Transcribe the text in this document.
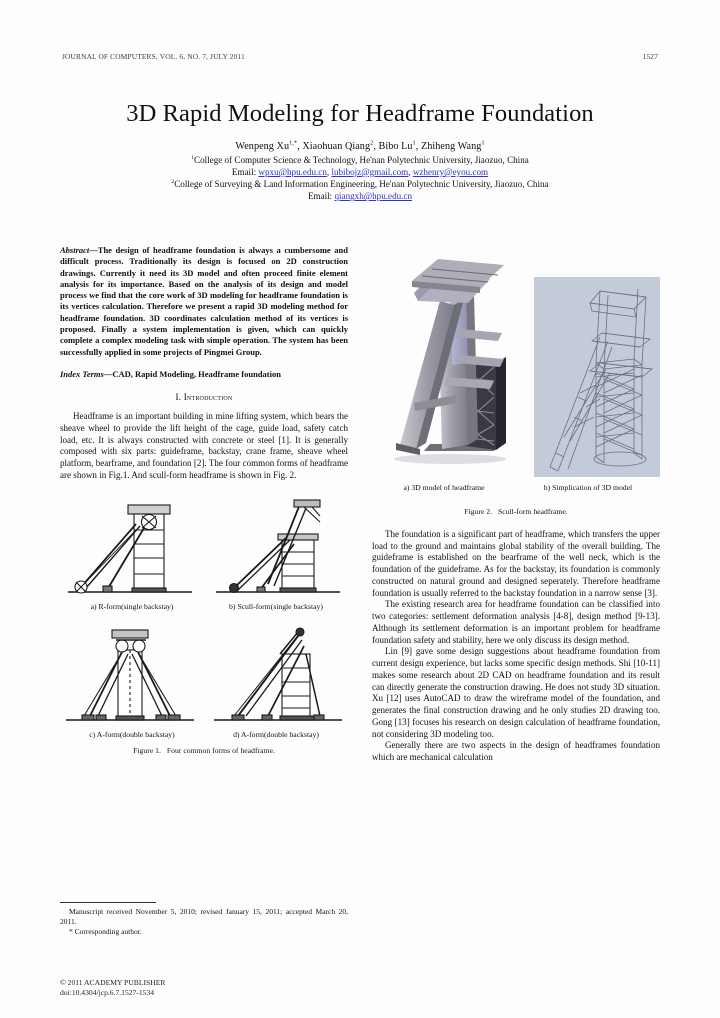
JOURNAL OF COMPUTERS, VOL. 6, NO. 7, JULY 2011	1527
3D Rapid Modeling for Headframe Foundation

Wenpeng $Xu^{1,*}$, Xiaohuan Qiang$^2$, Bibo Lu$^1$, Zhiheng Wang$^1$

$^1$College of Computer Science & Technology, He'nan Polytechnic University, Jiaozuo, China

Email: wpxu@hpu.edu.cn, lubibojz@gmail.com, wzhenry@eyou.com

$^2$College of Surveying & Land Information Engineering, He'nan Polytechnic University, Jiaozuo, China

Email: qiangxh@hpu.edu.cn

Abstract—The design of headframe foundation is always a cumbersome and difficult process. Traditionally its design is focused on 2D construction drawings. Currently it need its 3D model and often proceed finite element analysis for its importance. Based on the analysis of its design and model process we find that the core work of 3D modeling for headframe foundation is its vertices calculation. Therefore we present a rapid 3D modeling method for headframe foundation. 3D coordinates calculation method of its vertices is proposed. Finally a system implementation is given, which can quickly complete a complex modeling task with simple operation. The system has been successfully applied in some projects of Pingmei Group.

Index Terms—CAD, Rapid Modeling, Headframe foundation

I. Introduction

Headframe is an important building in mine lifting system, which bears the sheave wheel to provide the lift height of the cage, guide load, safety catch load, etc. It is always constructed with concrete or steel [1]. It is generally composed with six parts: guideframe, backstay, crane frame, sheave wheel platform, bearframe, and foundation [2]. The four common forms of headframe are shown in Fig.1. And scull-form headframe is shown in Fig. 2.

a) R-form(single backstay)	b) Scull-form(single backstay)
c) A-form(double backstay)	d) A-form(double backstay)
Figure 1. Four common forms of headframe.
a) 3D model of headframe	b) Simplication of 3D model
Figure 2. Scull-form headframe.

The foundation is a significant part of headframe, which transfers the upper load to the ground and maintains global stability of the overall building. The guideframe is established on the bearframe of the well neck, which is the foundation of the guideframe. As for the backstay, its foundation is commonly constructed on natural ground and designed seperately. Therefore headframe foundation is usually referred to the backstay foundation in a narrow sense [3].

The existing research area for headframe foundation can be classified into two categories: settlement deformation analysis [4-8], design method [9-13]. Although its settlement deformation is an important problem for headframe foundation safety and stability, here we only discuss its design method.

Lin [9] gave some design suggestions about headframe foundation from current design experience, but lacks some specific design methods. Shi [10-11] makes some research about 2D CAD on headframe foundation and its result can directly generate the construction drawing. He does not study 3D situation. Xu [12] uses AutoCAD to draw the wireframe model of the foundation, and generates the final construction drawing and he only studies 2D drawing too. Gong [13] focuses his research on design calculation of headframe foundation, not considering 3D modeling too.

Generally there are two aspects in the design of headframes foundation which are mechanical calculation

Manuscript received November 5, 2010; revised January 15, 2011; accepted March 20, 2011.

* Corresponding author.

© 2011 ACADEMY PUBLISHER
doi:10.4304/jcp.6.7.1527-1534
